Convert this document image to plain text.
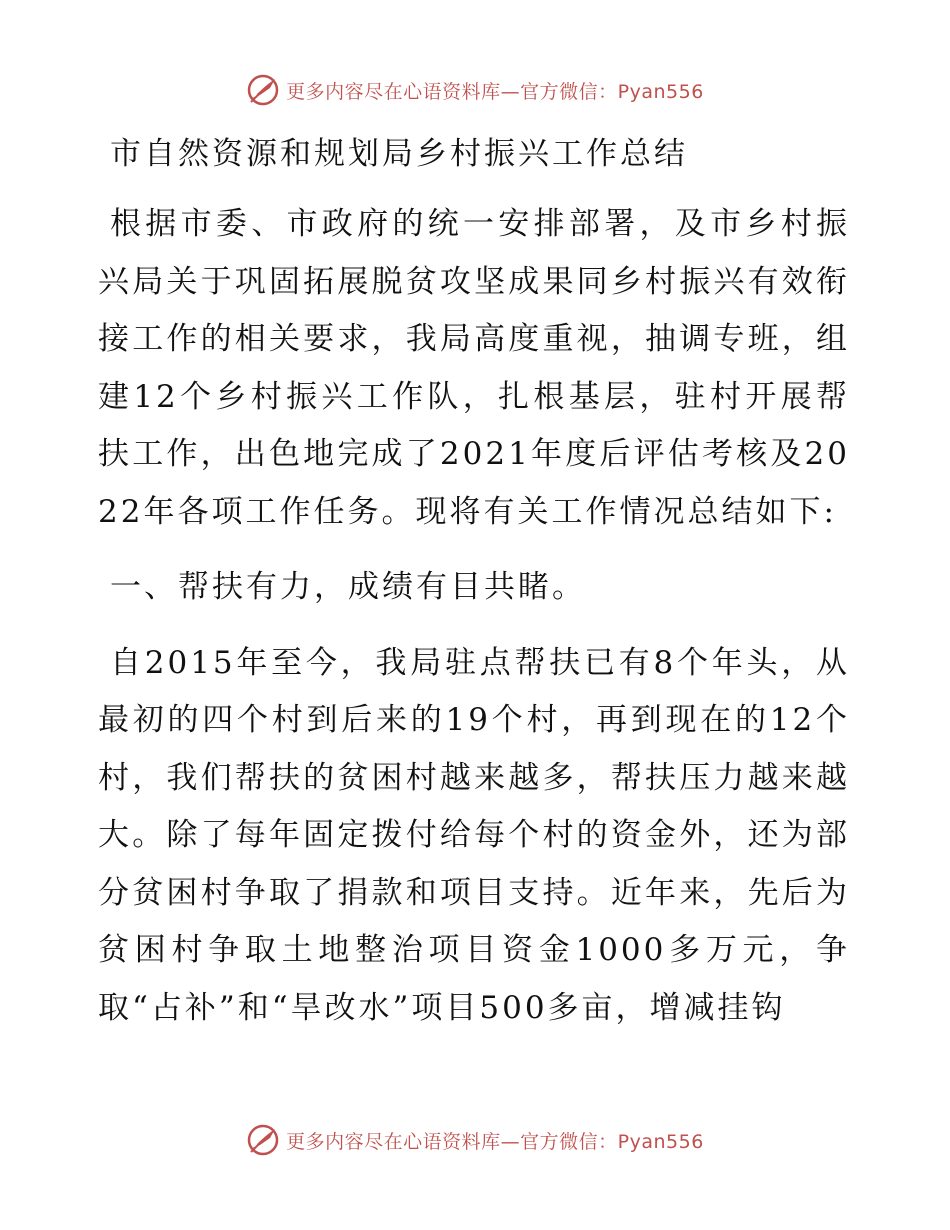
更多内容尽在心语资料库—官方微信：Pyan556
市自然资源和规划局乡村振兴工作总结

根据市委、市政府的统一安排部署，及市乡村振兴局关于巩固拓展脱贫攻坚成果同乡村振兴有效衔接工作的相关要求，我局高度重视，抽调专班，组建12个乡村振兴工作队，扎根基层，驻村开展帮扶工作，出色地完成了2021年度后评估考核及2022年各项工作任务。现将有关工作情况总结如下:

一、帮扶有力，成绩有目共睹。

自2015年至今，我局驻点帮扶已有8个年头，从最初的四个村到后来的19个村，再到现在的12个村，我们帮扶的贫困村越来越多，帮扶压力越来越大。除了每年固定拨付给每个村的资金外，还为部分贫困村争取了捐款和项目支持。近年来，先后为贫困村争取土地整治项目资金1000多万元，争取“占补”和“旱改水”项目500多亩，增减挂钩

更多内容尽在心语资料库—官方微信：Pyan556
